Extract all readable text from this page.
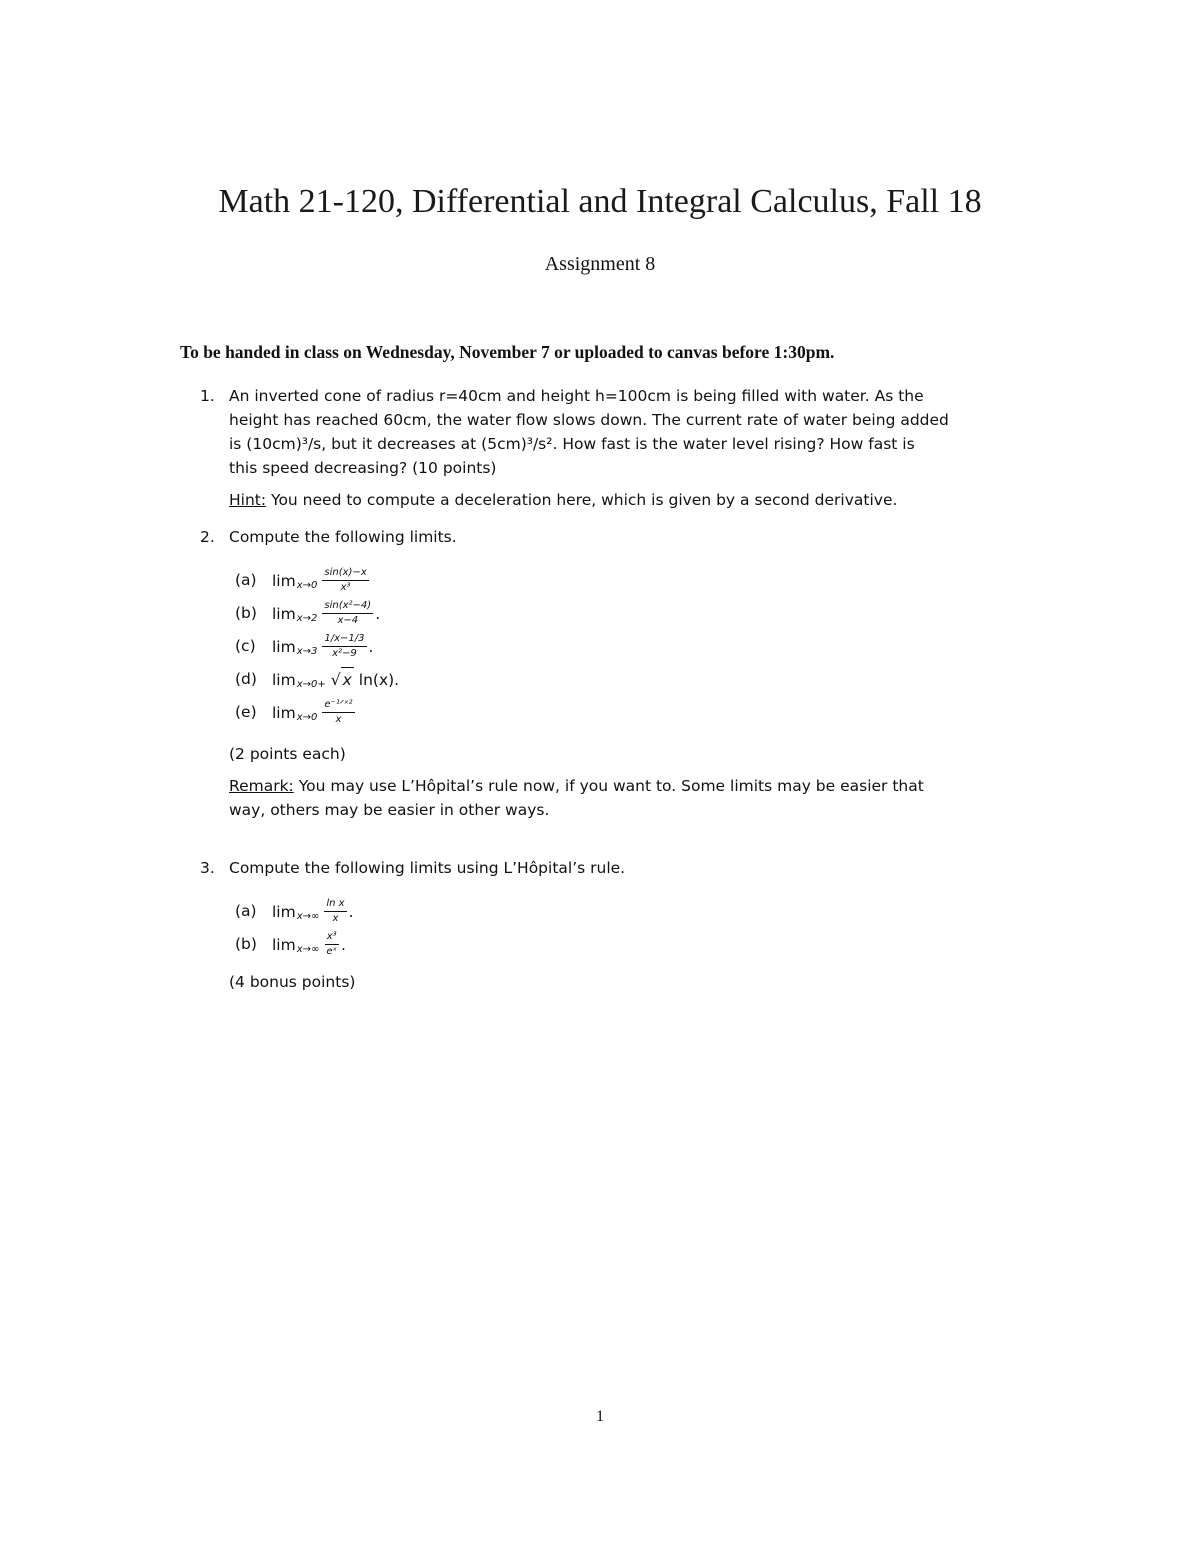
Math 21-120, Differential and Integral Calculus, Fall 18
Assignment 8
To be handed in class on Wednesday, November 7 or uploaded to canvas before 1:30pm.
1. An inverted cone of radius r=40cm and height h=100cm is being filled with water. As the
height has reached 60cm, the water flow slows down. The current rate of water being added
is (10cm)³/s, but it decreases at (5cm)³/s². How fast is the water level rising? How fast is
this speed decreasing? (10 points)
Hint: You need to compute a deceleration here, which is given by a second derivative.
2. Compute the following limits.
(a) $\lim x\to 0 \frac{\sin(x)-x}{\text{x³}}$
(b) $\lim x\to 2 \frac{\text{sin(x²−4)}}{x-4}$ .
(c) $\lim x\to 3 \frac{1/x-1/3}{\text{x²−9}}$ .
(d) lim x→0+ √ x
ln(x).
(e) $\lim x\to 0 \frac{\text{e⁻¹ᐟˣ²}}{x}$
(2 points each)
Remark: You may use L’Hôpital’s rule now, if you want to. Some limits may be easier that
way, others may be easier in other ways.
3. Compute the following limits using L’Hôpital’s rule.
(a) $\lim x\to\infty \frac{\text{ln x}}{x}$ .
(b) $\lim x\to\infty \frac{\text{x³}}{\text{eˣ}}$ .
(4 bonus points)
1
